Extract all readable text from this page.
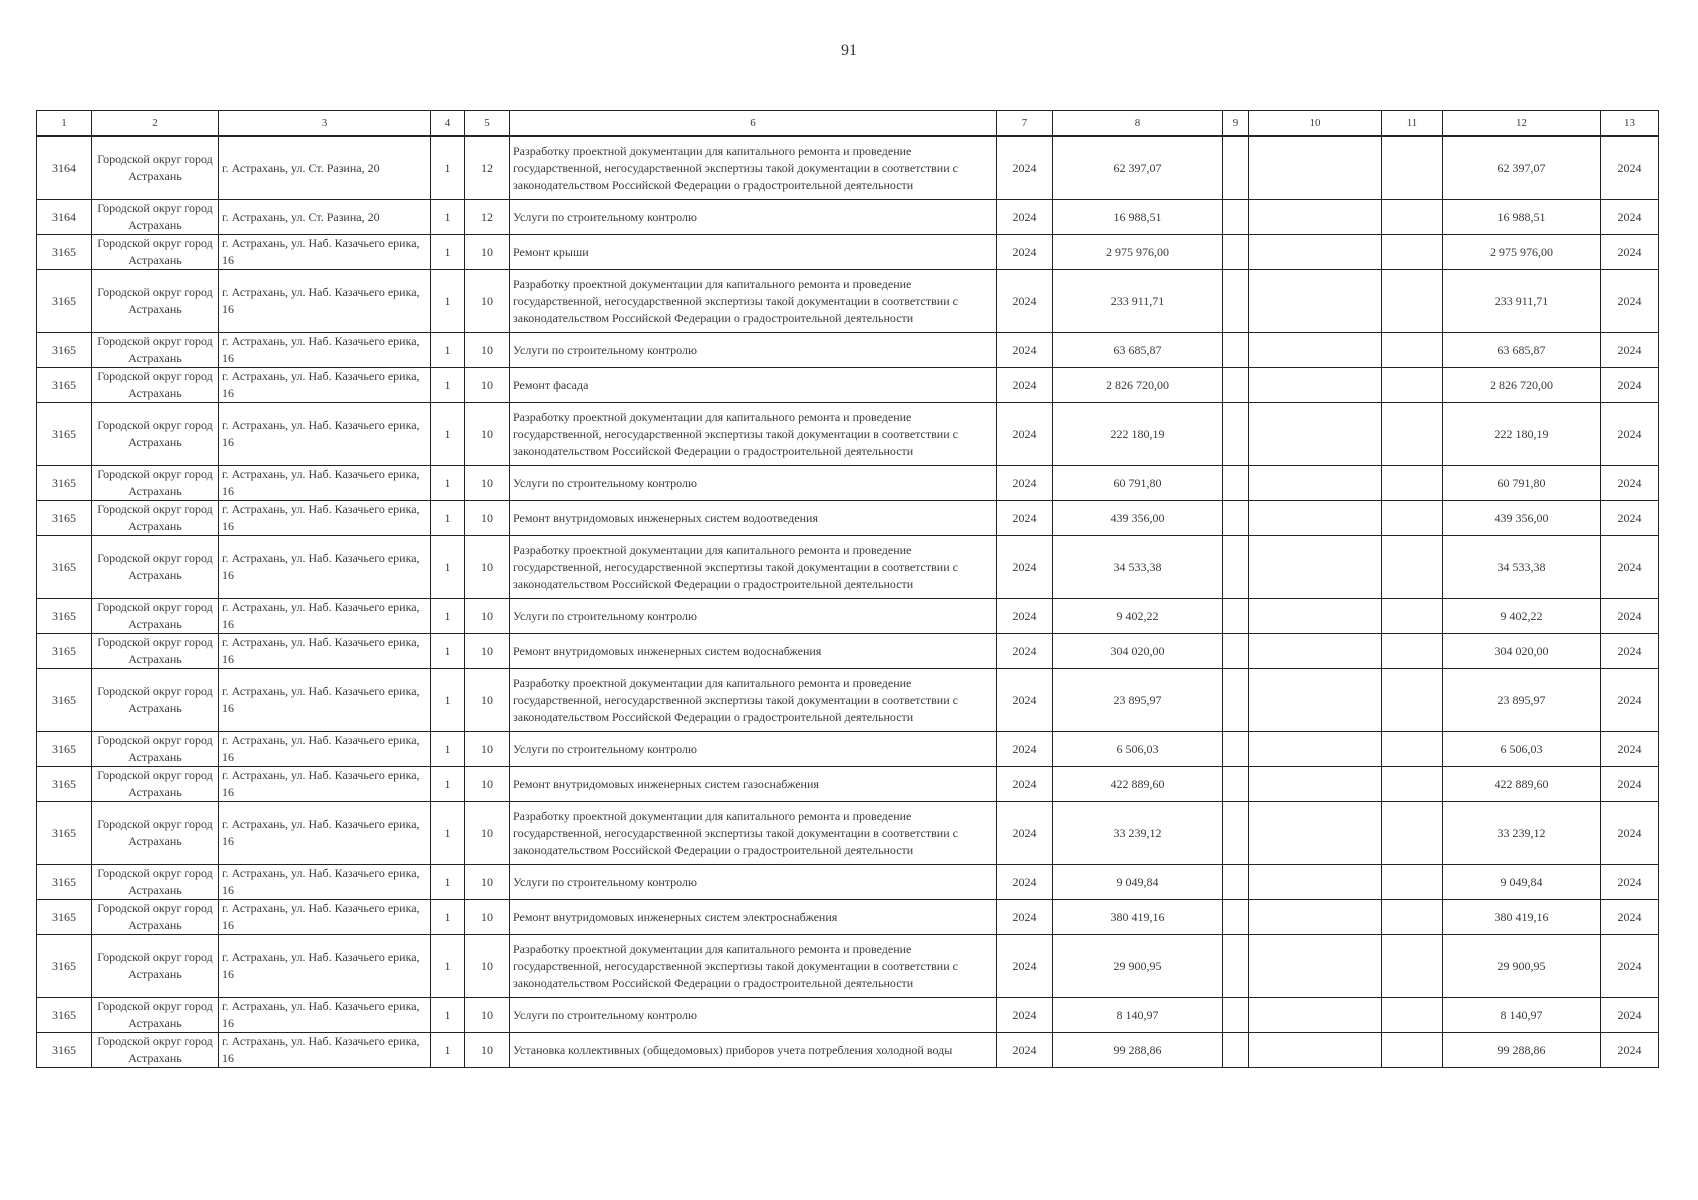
91
1	2	3	4	5	6	7	8	9	10	11	12	13
3164	Городской округ город Астрахань	г. Астрахань, ул. Ст. Разина, 20	1	12	Разработку проектной документации для капитального ремонта и проведение государственной, негосударственной экспертизы такой документации в соответствии с законодательством Российской Федерации о градостроительной деятельности	2024	62 397,07				62 397,07	2024
3164	Городской округ город Астрахань	г. Астрахань, ул. Ст. Разина, 20	1	12	Услуги по строительному контролю	2024	16 988,51				16 988,51	2024
3165	Городской округ город Астрахань	г. Астрахань, ул. Наб. Казачьего ерика, 16	1	10	Ремонт крыши	2024	2 975 976,00				2 975 976,00	2024
3165	Городской округ город Астрахань	г. Астрахань, ул. Наб. Казачьего ерика, 16	1	10	Разработку проектной документации для капитального ремонта и проведение государственной, негосударственной экспертизы такой документации в соответствии с законодательством Российской Федерации о градостроительной деятельности	2024	233 911,71				233 911,71	2024
3165	Городской округ город Астрахань	г. Астрахань, ул. Наб. Казачьего ерика, 16	1	10	Услуги по строительному контролю	2024	63 685,87				63 685,87	2024
3165	Городской округ город Астрахань	г. Астрахань, ул. Наб. Казачьего ерика, 16	1	10	Ремонт фасада	2024	2 826 720,00				2 826 720,00	2024
3165	Городской округ город Астрахань	г. Астрахань, ул. Наб. Казачьего ерика, 16	1	10	Разработку проектной документации для капитального ремонта и проведение государственной, негосударственной экспертизы такой документации в соответствии с законодательством Российской Федерации о градостроительной деятельности	2024	222 180,19				222 180,19	2024
3165	Городской округ город Астрахань	г. Астрахань, ул. Наб. Казачьего ерика, 16	1	10	Услуги по строительному контролю	2024	60 791,80				60 791,80	2024
3165	Городской округ город Астрахань	г. Астрахань, ул. Наб. Казачьего ерика, 16	1	10	Ремонт внутридомовых инженерных систем водоотведения	2024	439 356,00				439 356,00	2024
3165	Городской округ город Астрахань	г. Астрахань, ул. Наб. Казачьего ерика, 16	1	10	Разработку проектной документации для капитального ремонта и проведение государственной, негосударственной экспертизы такой документации в соответствии с законодательством Российской Федерации о градостроительной деятельности	2024	34 533,38				34 533,38	2024
3165	Городской округ город Астрахань	г. Астрахань, ул. Наб. Казачьего ерика, 16	1	10	Услуги по строительному контролю	2024	9 402,22				9 402,22	2024
3165	Городской округ город Астрахань	г. Астрахань, ул. Наб. Казачьего ерика, 16	1	10	Ремонт внутридомовых инженерных систем водоснабжения	2024	304 020,00				304 020,00	2024
3165	Городской округ город Астрахань	г. Астрахань, ул. Наб. Казачьего ерика, 16	1	10	Разработку проектной документации для капитального ремонта и проведение государственной, негосударственной экспертизы такой документации в соответствии с законодательством Российской Федерации о градостроительной деятельности	2024	23 895,97				23 895,97	2024
3165	Городской округ город Астрахань	г. Астрахань, ул. Наб. Казачьего ерика, 16	1	10	Услуги по строительному контролю	2024	6 506,03				6 506,03	2024
3165	Городской округ город Астрахань	г. Астрахань, ул. Наб. Казачьего ерика, 16	1	10	Ремонт внутридомовых инженерных систем газоснабжения	2024	422 889,60				422 889,60	2024
3165	Городской округ город Астрахань	г. Астрахань, ул. Наб. Казачьего ерика, 16	1	10	Разработку проектной документации для капитального ремонта и проведение государственной, негосударственной экспертизы такой документации в соответствии с законодательством Российской Федерации о градостроительной деятельности	2024	33 239,12				33 239,12	2024
3165	Городской округ город Астрахань	г. Астрахань, ул. Наб. Казачьего ерика, 16	1	10	Услуги по строительному контролю	2024	9 049,84				9 049,84	2024
3165	Городской округ город Астрахань	г. Астрахань, ул. Наб. Казачьего ерика, 16	1	10	Ремонт внутридомовых инженерных систем электроснабжения	2024	380 419,16				380 419,16	2024
3165	Городской округ город Астрахань	г. Астрахань, ул. Наб. Казачьего ерика, 16	1	10	Разработку проектной документации для капитального ремонта и проведение государственной, негосударственной экспертизы такой документации в соответствии с законодательством Российской Федерации о градостроительной деятельности	2024	29 900,95				29 900,95	2024
3165	Городской округ город Астрахань	г. Астрахань, ул. Наб. Казачьего ерика, 16	1	10	Услуги по строительному контролю	2024	8 140,97				8 140,97	2024
3165	Городской округ город Астрахань	г. Астрахань, ул. Наб. Казачьего ерика, 16	1	10	Установка коллективных (общедомовых) приборов учета потребления холодной воды	2024	99 288,86				99 288,86	2024
